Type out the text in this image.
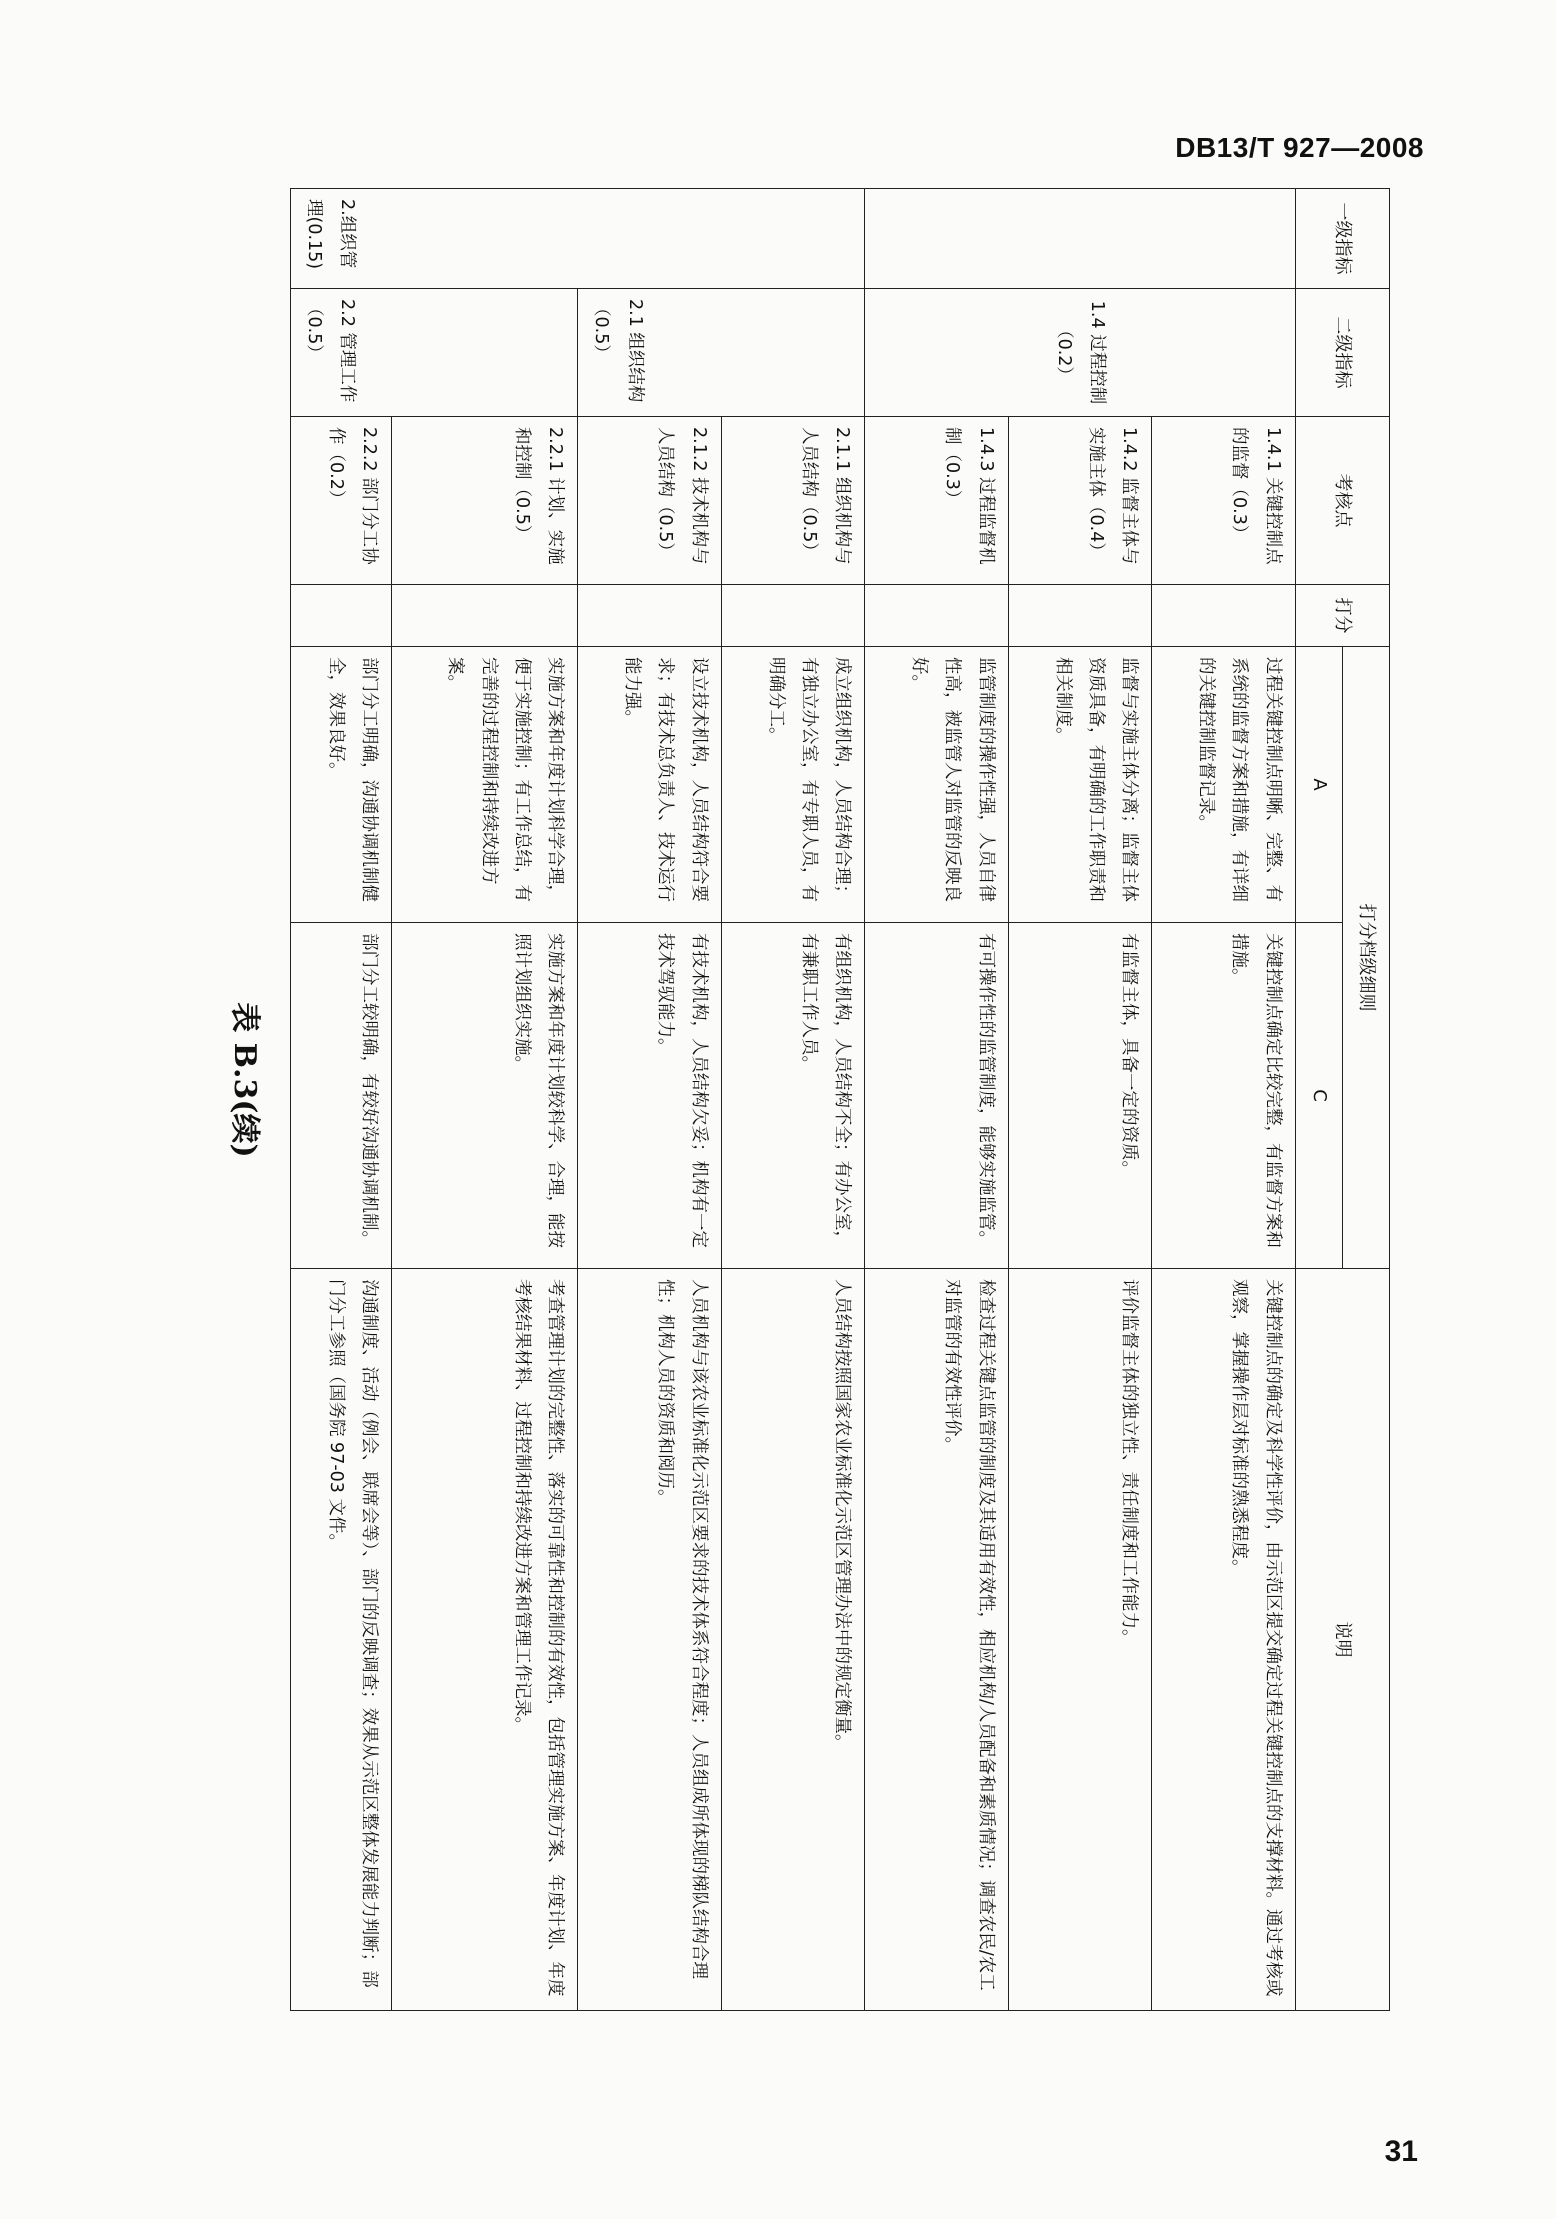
DB13/T 927—2008
表 B.3(续)
一级指标	二级指标	考核点	打分	打分档级细则		说明
				A	C	
	1.4 过程控制（0.2）	1.4.1 关键控制点的监督（0.3）		过程关键控制点明晰、完整、有系统的监督方案和措施，有详细的关键控制监督记录。	关键控制点确定比较完整，有监督方案和措施。	关键控制点的确定及科学性评价，由示范区提交确定过程关键控制点的支撑材料。通过考核或观察，掌握操作层对标准的熟悉程度。
		1.4.2 监督主体与实施主体（0.4）		监督与实施主体分离；监督主体资质具备，有明确的工作职责和相关制度。	有监督主体，具备一定的资质。	评价监督主体的独立性、责任制度和工作能力。
		1.4.3 过程监督机制（0.3）		监管制度的操作性强，人员自律性高，被监管人对监管的反映良好。	有可操作性的监管制度，能够实施监管。	检查过程关键点监管的制度及其适用有效性，相应机构/人员配备和素质情况；调查农民/农工对监管的有效性评价。
2.组织管理(0.15)	2.1 组织结构（0.5）	2.1.1 组织机构与人员结构（0.5）		成立组织机构，人员结构合理；有独立办公室，有专职人员，有明确分工。	有组织机构，人员结构不全；有办公室，有兼职工作人员。	人员结构按照国家农业标准化示范区管理办法中的规定衡量。
		2.1.2 技术机构与人员结构（0.5）		设立技术机构，人员结构符合要求；有技术总负责人、技术运行能力强。	有技术机构，人员结构欠妥；机构有一定技术驾驭能力。	人员机构与该农业标准化示范区要求的技术体系符合程度；人员组成所体现的梯队结构合理性；机构人员的资质和阅历。
	2.2 管理工作（0.5）	2.2.1 计划、实施和控制（0.5）		实施方案和年度计划科学合理，便于实施控制；有工作总结，有完善的过程控制和持续改进方案。	实施方案和年度计划较科学、合理，能按照计划组织实施。	考查管理计划的完整性、落实的可靠性和控制的有效性，包括管理实施方案、年度计划、年度考核结果材料、过程控制和持续改进方案和管理工作记录。
		2.2.2 部门分工协作（0.2）		部门分工明确，沟通协调机制健全，效果良好。	部门分工较明确，有较好沟通协调机制。	沟通制度、活动（例会、联席会等）、部门的反映调查；效果从示范区整体发展能力判断；部门分工参照（国务院 97-03 文件。
31
